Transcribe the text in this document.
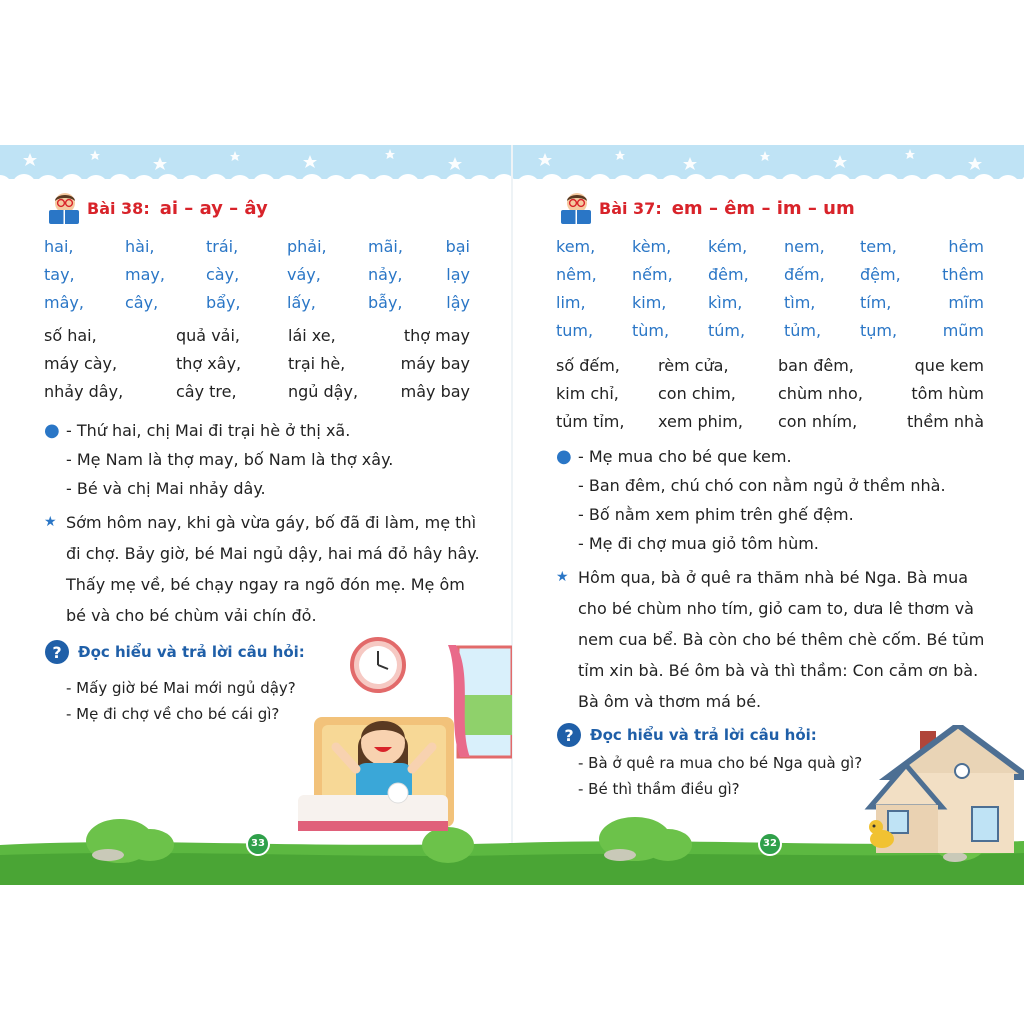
Bài 38: ai – ay – ây
hai,	hài,	trái,	phải,	mãi,	bại
tay,	may,	cày,	váy,	nảy,	lạy
mây,	cây,	bẩy,	lấy,	bẫy,	lậy
số hai,	quả vải,	lái xe,	thợ may
máy cày,	thợ xây,	trại hè,	máy bay
nhảy dây,	cây tre,	ngủ dậy,	mây bay
● - Thứ hai, chị Mai đi trại hè ở thị xã.
- Mẹ Nam là thợ may, bố Nam là thợ xây.
- Bé và chị Mai nhảy dây.
★ Sớm hôm nay, khi gà vừa gáy, bố đã đi làm, mẹ thì
đi chợ. Bảy giờ, bé Mai ngủ dậy, hai má đỏ hây hây.
Thấy mẹ về, bé chạy ngay ra ngõ đón mẹ. Mẹ ôm
bé và cho bé chùm vải chín đỏ.
? Đọc hiểu và trả lời câu hỏi:
- Mấy giờ bé Mai mới ngủ dậy?
- Mẹ đi chợ về cho bé cái gì?
33
Bài 37: em – êm – im – um
kem,	kèm,	kém,	nem,	tem,	hẻm
nêm,	nếm,	đêm,	đếm,	đệm,	thêm
lim,	kim,	kìm,	tìm,	tím,	mĩm
tum,	tùm,	túm,	tủm,	tụm,	mũm
số đếm,	rèm cửa,	ban đêm,	que kem
kim chỉ,	con chim,	chùm nho,	tôm hùm
tủm tỉm,	xem phim,	con nhím,	thềm nhà
● - Mẹ mua cho bé que kem.
- Ban đêm, chú chó con nằm ngủ ở thềm nhà.
- Bố nằm xem phim trên ghế đệm.
- Mẹ đi chợ mua giỏ tôm hùm.
★ Hôm qua, bà ở quê ra thăm nhà bé Nga. Bà mua
cho bé chùm nho tím, giỏ cam to, dưa lê thơm và
nem cua bể. Bà còn cho bé thêm chè cốm. Bé tủm
tỉm xin bà. Bé ôm bà và thì thầm: Con cảm ơn bà.
Bà ôm và thơm má bé.
? Đọc hiểu và trả lời câu hỏi:
- Bà ở quê ra mua cho bé Nga quà gì?
- Bé thì thầm điều gì?
32
